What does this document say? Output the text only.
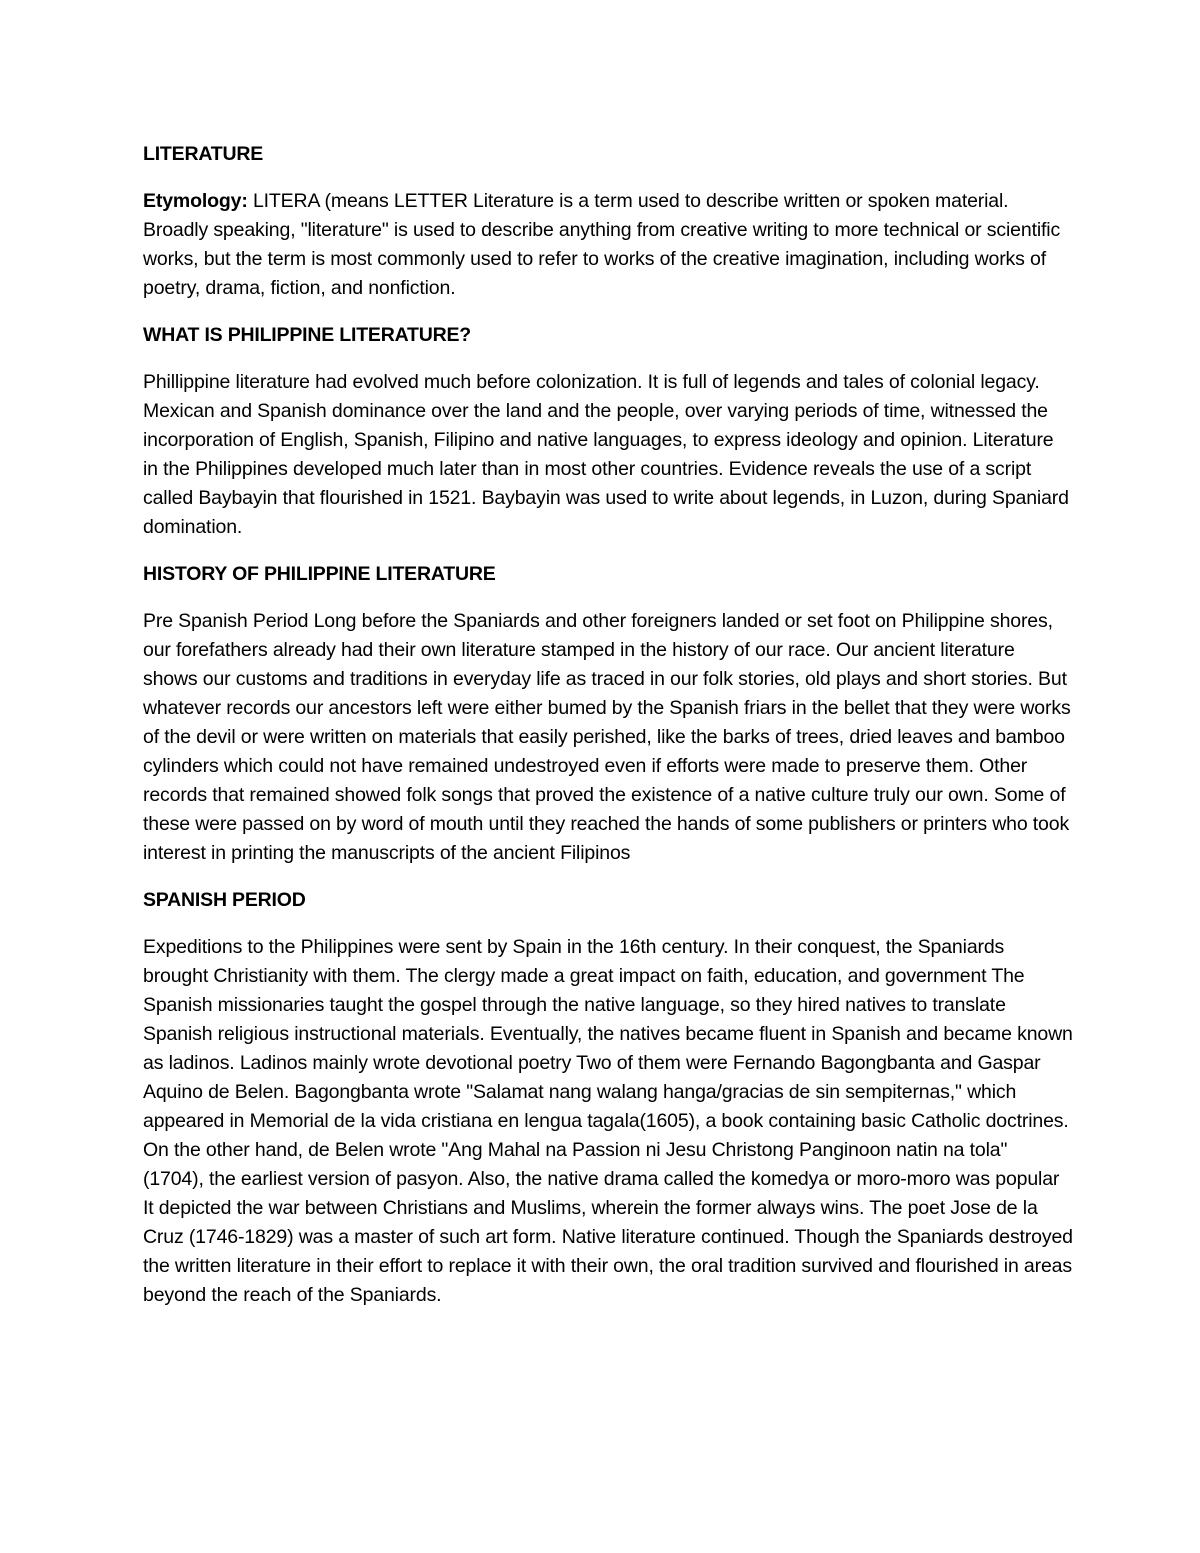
LITERATURE

Etymology: LITERA (means LETTER Literature is a term used to describe written or spoken material. Broadly speaking, "literature" is used to describe anything from creative writing to more technical or scientific works, but the term is most commonly used to refer to works of the creative imagination, including works of poetry, drama, fiction, and nonfiction.

WHAT IS PHILIPPINE LITERATURE?

Phillippine literature had evolved much before colonization. It is full of legends and tales of colonial legacy. Mexican and Spanish dominance over the land and the people, over varying periods of time, witnessed the incorporation of English, Spanish, Filipino and native languages, to express ideology and opinion. Literature in the Philippines developed much later than in most other countries. Evidence reveals the use of a script called Baybayin that flourished in 1521. Baybayin was used to write about legends, in Luzon, during Spaniard domination.

HISTORY OF PHILIPPINE LITERATURE

Pre Spanish Period Long before the Spaniards and other foreigners landed or set foot on Philippine shores, our forefathers already had their own literature stamped in the history of our race. Our ancient literature shows our customs and traditions in everyday life as traced in our folk stories, old plays and short stories. But whatever records our ancestors left were either bumed by the Spanish friars in the bellet that they were works of the devil or were written on materials that easily perished, like the barks of trees, dried leaves and bamboo cylinders which could not have remained undestroyed even if efforts were made to preserve them. Other records that remained showed folk songs that proved the existence of a native culture truly our own. Some of these were passed on by word of mouth until they reached the hands of some publishers or printers who took interest in printing the manuscripts of the ancient Filipinos

SPANISH PERIOD

Expeditions to the Philippines were sent by Spain in the 16th century. In their conquest, the Spaniards brought Christianity with them. The clergy made a great impact on faith, education, and government The Spanish missionaries taught the gospel through the native language, so they hired natives to translate Spanish religious instructional materials. Eventually, the natives became fluent in Spanish and became known as ladinos. Ladinos mainly wrote devotional poetry Two of them were Fernando Bagongbanta and Gaspar Aquino de Belen. Bagongbanta wrote "Salamat nang walang hanga/gracias de sin sempiternas," which appeared in Memorial de la vida cristiana en lengua tagala(1605), a book containing basic Catholic doctrines. On the other hand, de Belen wrote "Ang Mahal na Passion ni Jesu Christong Panginoon natin na tola" (1704), the earliest version of pasyon. Also, the native drama called the komedya or moro-moro was popular It depicted the war between Christians and Muslims, wherein the former always wins. The poet Jose de la Cruz (1746-1829) was a master of such art form. Native literature continued. Though the Spaniards destroyed the written literature in their effort to replace it with their own, the oral tradition survived and flourished in areas beyond the reach of the Spaniards.
